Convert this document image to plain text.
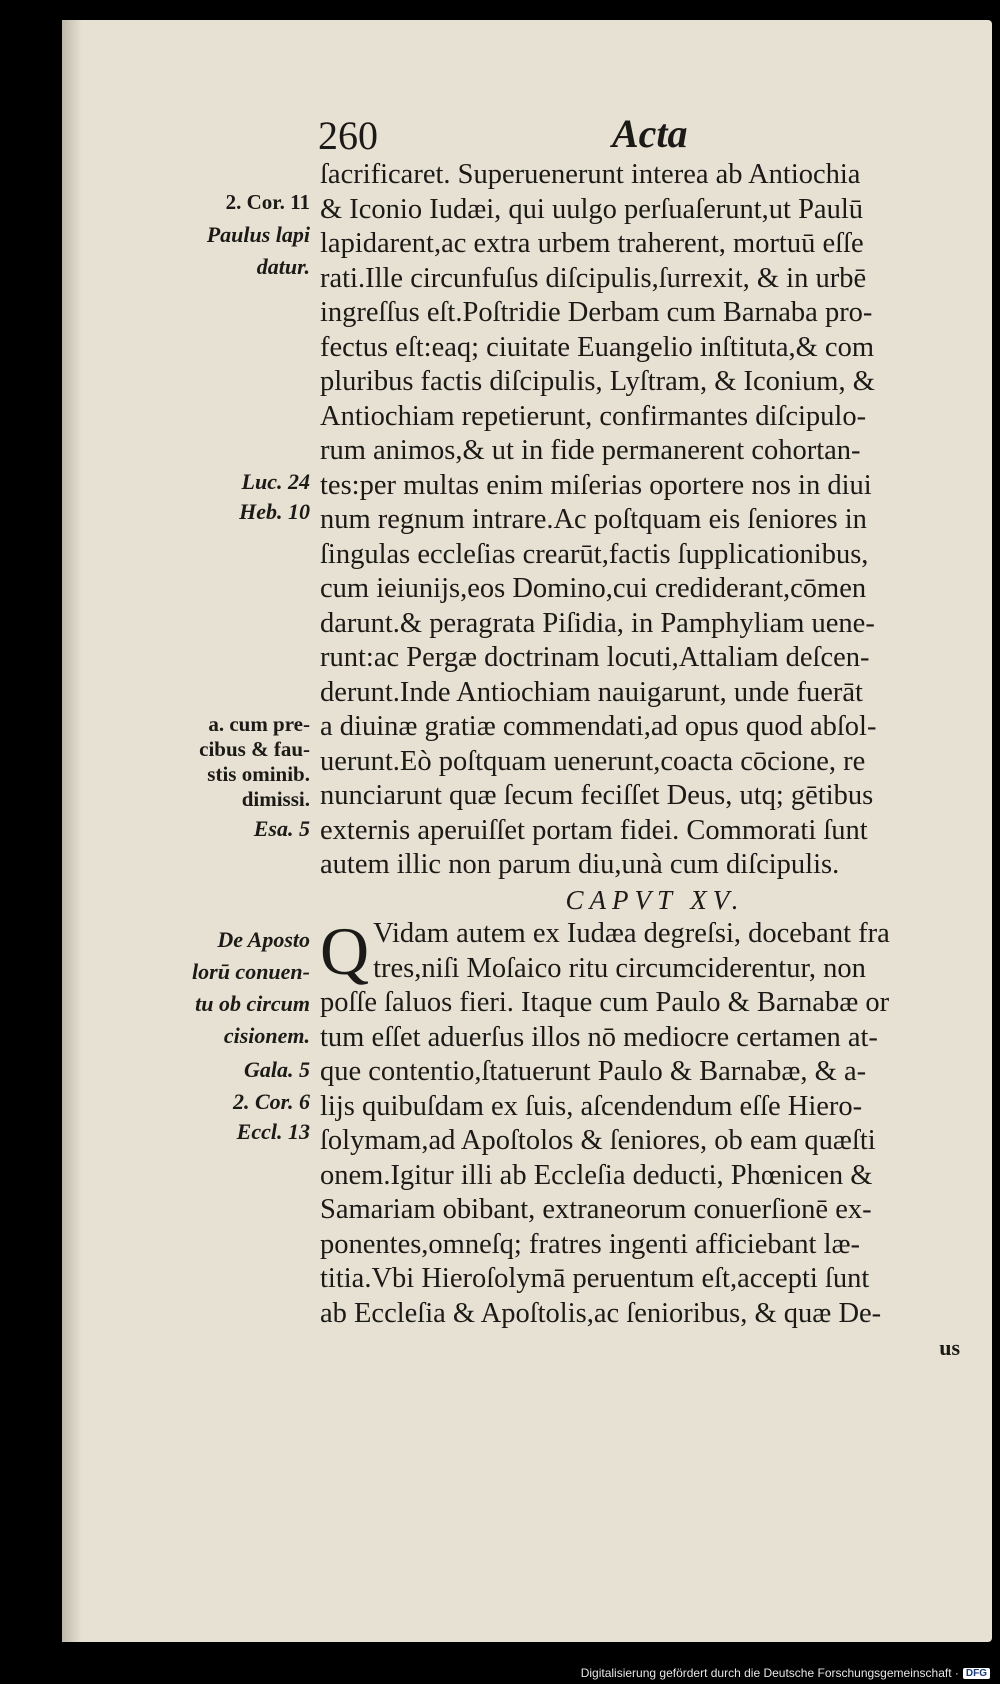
260	Acta
2. Cor. 11
Paulus lapi
datur.
Luc. 24
Heb. 10
a. cum pre-
cibus & fau-
stis ominib.
dimissi.
Esa. 5
De Aposto
lorū conuen-
tu ob circum
cisionem.
Gala. 5
2. Cor. 6
Eccl. 13
ſacrificaret. Superuenerunt interea ab Antiochia
& Iconio Iudæi, qui uulgo perſuaſerunt,ut Paulū
lapidarent,ac extra urbem traherent, mortuū eſſe
rati.Ille circunfuſus diſcipulis,ſurrexit, & in urbē
ingreſſus eſt.Poſtridie Derbam cum Barnaba pro-
fectus eſt:eaq; ciuitate Euangelio inſtituta,& com
pluribus factis diſcipulis, Lyſtram, & Iconium, &
Antiochiam repetierunt, confirmantes diſcipulo-
rum animos,& ut in fide permanerent cohortan-
tes:per multas enim miſerias oportere nos in diui
num regnum intrare.Ac poſtquam eis ſeniores in
ſingulas eccleſias crearūt,factis ſupplicationibus,
cum ieiunijs,eos Domino,cui crediderant,cōmen
darunt.& peragrata Piſidia, in Pamphyliam uene-
runt:ac Pergæ doctrinam locuti,Attaliam deſcen-
derunt.Inde Antiochiam nauigarunt, unde fuerāt
a diuinæ gratiæ commendati,ad opus quod abſol-
uerunt.Eò poſtquam uenerunt,coacta cōcione, re
nunciarunt quæ ſecum feciſſet Deus, utq; gētibus
externis aperuiſſet portam fidei. Commorati ſunt
autem illic non parum diu,unà cum diſcipulis.
CAPVT XV.
Q Vidam autem ex Iudæa degreſsi, docebant fra
tres,niſi Moſaico ritu circumciderentur, non
poſſe ſaluos fieri. Itaque cum Paulo & Barnabæ or
tum eſſet aduerſus illos nō mediocre certamen at-
que contentio,ſtatuerunt Paulo & Barnabæ, & a-
lijs quibuſdam ex ſuis, aſcendendum eſſe Hiero-
ſolymam,ad Apoſtolos & ſeniores, ob eam quæſti
onem.Igitur illi ab Eccleſia deducti, Phœnicen &
Samariam obibant, extraneorum conuerſionē ex-
ponentes,omneſq; fratres ingenti afficiebant læ-
titia.Vbi Hieroſolymā peruentum eſt,accepti ſunt
ab Eccleſia & Apoſtolis,ac ſenioribus, & quæ De-
us
Digitalisierung gefördert durch die Deutsche Forschungsgemeinschaft · DFG
